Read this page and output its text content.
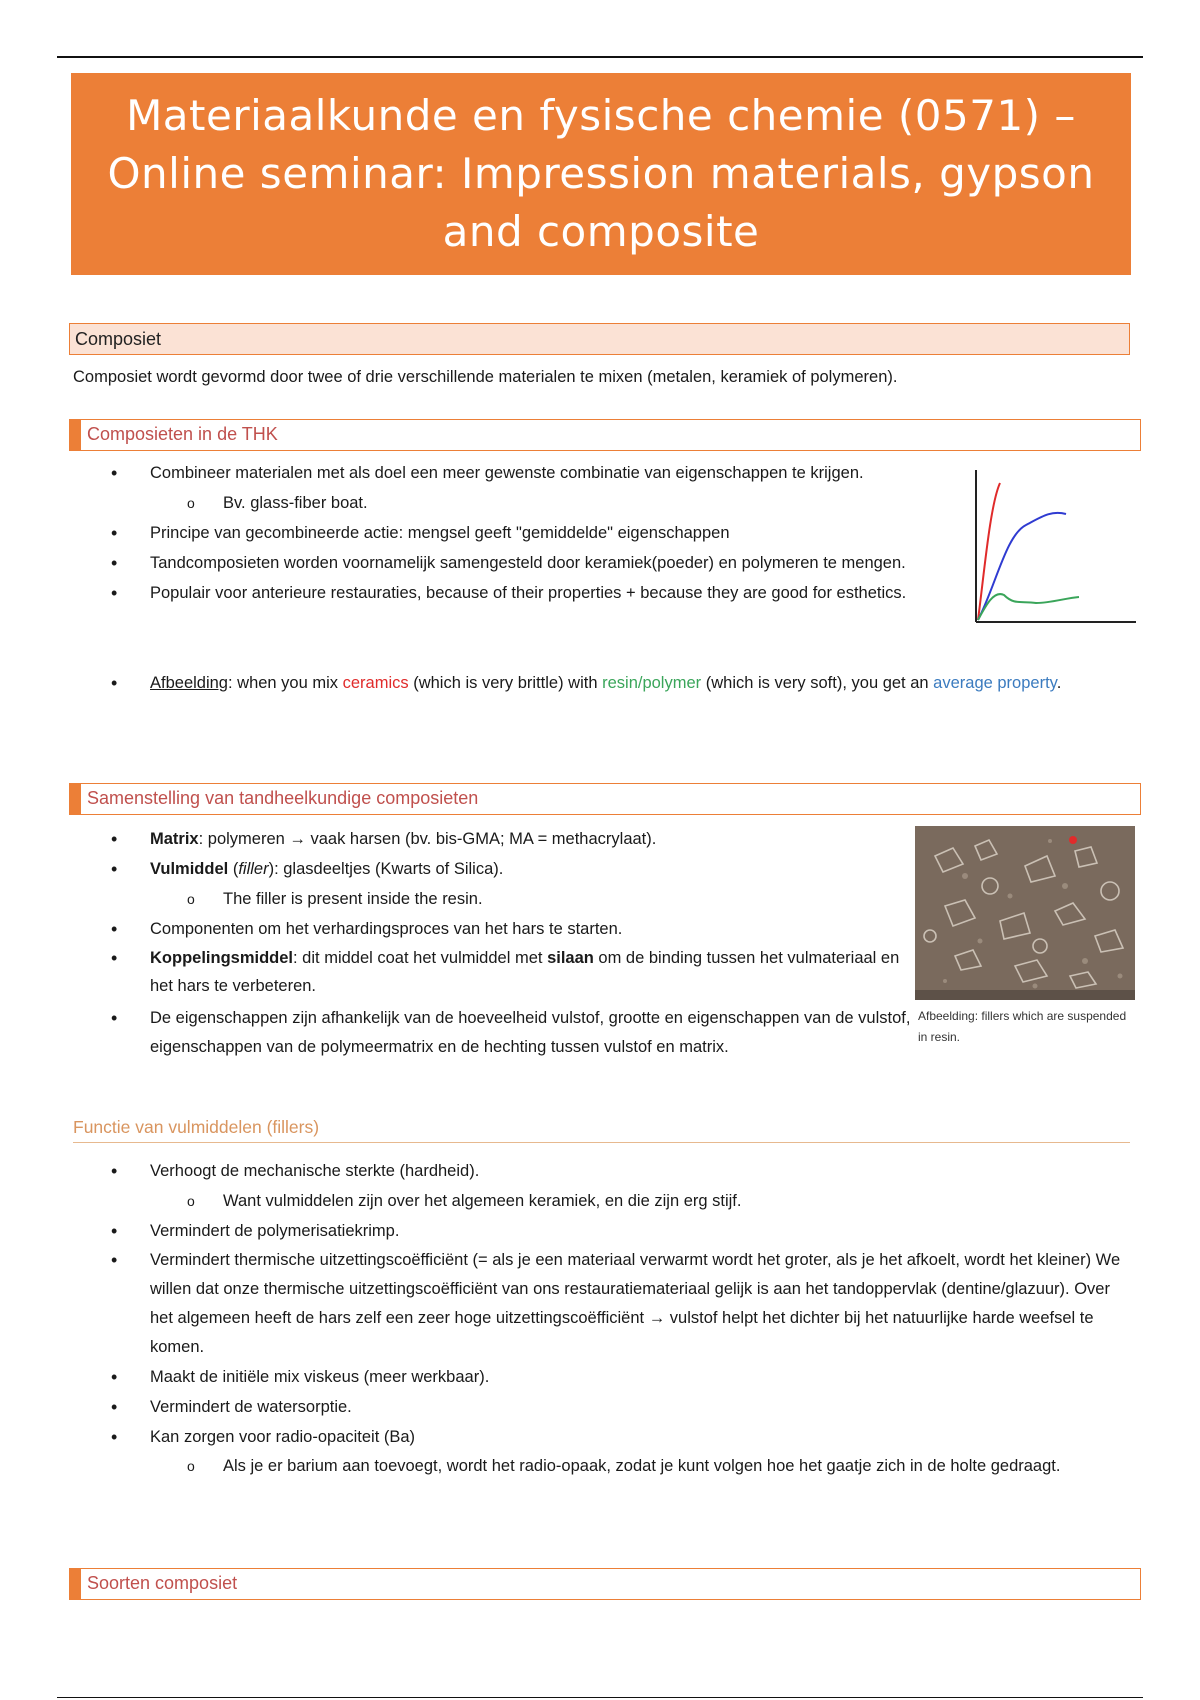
Materiaalkunde en fysische chemie (0571) – Online seminar: Impression materials, gypson and composite
Composiet
Composiet wordt gevormd door twee of drie verschillende materialen te mixen (metalen, keramiek of polymeren).
Composieten in de THK
• Combineer materialen met als doel een meer gewenste combinatie van eigenschappen te krijgen.
o Bv. glass-fiber boat.
• Principe van gecombineerde actie: mengsel geeft "gemiddelde" eigenschappen
• Tandcomposieten worden voornamelijk samengesteld door keramiek(poeder) en polymeren te mengen.
• Populair voor anterieure restauraties, because of their properties + because they are good for esthetics.
• Afbeelding: when you mix ceramics (which is very brittle) with resin/polymer (which is very soft), you get an average property.
Samenstelling van tandheelkundige composieten
• Matrix: polymeren → vaak harsen (bv. bis-GMA; MA = methacrylaat).
• Vulmiddel (filler): glasdeeltjes (Kwarts of Silica).
o The filler is present inside the resin.
• Componenten om het verhardingsproces van het hars te starten.
• Koppelingsmiddel: dit middel coat het vulmiddel met silaan om de binding tussen het vulmateriaal en het hars te verbeteren.
• De eigenschappen zijn afhankelijk van de hoeveelheid vulstof, grootte en eigenschappen van de vulstof, eigenschappen van de polymeermatrix en de hechting tussen vulstof en matrix.
Afbeelding: fillers which are suspended in resin.
Functie van vulmiddelen (fillers)
• Verhoogt de mechanische sterkte (hardheid).
o Want vulmiddelen zijn over het algemeen keramiek, en die zijn erg stijf.
• Vermindert de polymerisatiekrimp.
• Vermindert thermische uitzettingscoëfficiënt (= als je een materiaal verwarmt wordt het groter, als je het afkoelt, wordt het kleiner) We willen dat onze thermische uitzettingscoëfficiënt van ons restauratiemateriaal gelijk is aan het tandoppervlak (dentine/glazuur). Over het algemeen heeft de hars zelf een zeer hoge uitzettingscoëfficiënt → vulstof helpt het dichter bij het natuurlijke harde weefsel te komen.
• Maakt de initiële mix viskeus (meer werkbaar).
• Vermindert de watersorptie.
• Kan zorgen voor radio-opaciteit (Ba)
o Als je er barium aan toevoegt, wordt het radio-opaak, zodat je kunt volgen hoe het gaatje zich in de holte gedraagt.
Soorten composiet
